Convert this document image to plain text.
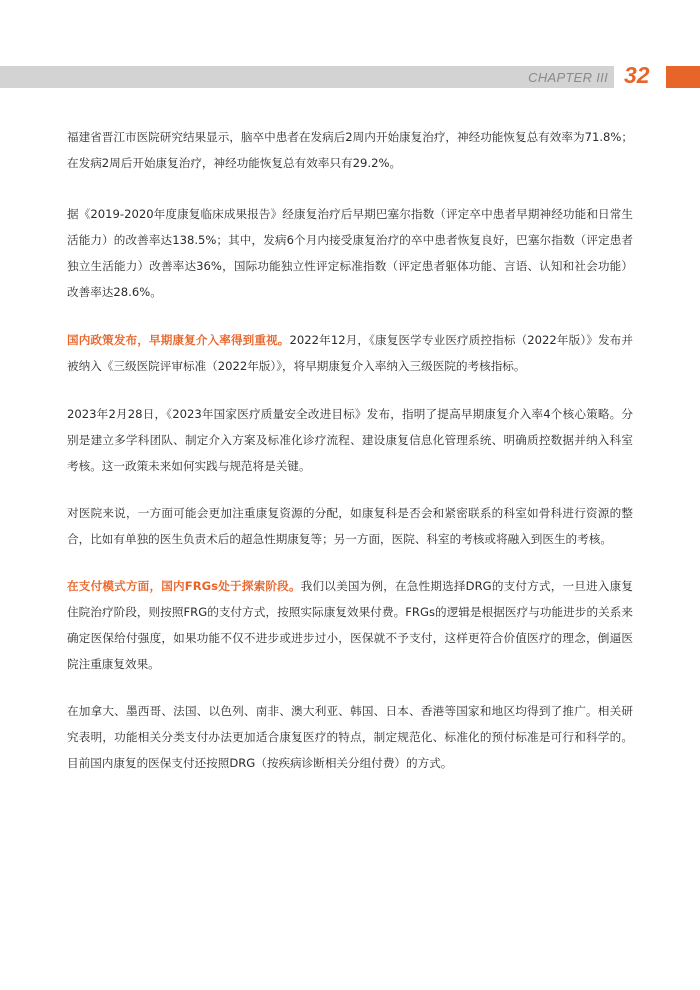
CHAPTER III 32

福建省晋江市医院研究结果显示，脑卒中患者在发病后2周内开始康复治疗，神经功能恢复总有效率为71.8%；在发病2周后开始康复治疗，神经功能恢复总有效率只有29.2%。

据《2019-2020年度康复临床成果报告》经康复治疗后早期巴塞尔指数（评定卒中患者早期神经功能和日常生活能力）的改善率达138.5%；其中，发病6个月内接受康复治疗的卒中患者恢复良好，巴塞尔指数（评定患者独立生活能力）改善率达36%，国际功能独立性评定标准指数（评定患者躯体功能、言语、认知和社会功能）改善率达28.6%。

国内政策发布，早期康复介入率得到重视。2022年12月，《康复医学专业医疗质控指标（2022年版）》发布并被纳入《三级医院评审标准（2022年版）》，将早期康复介入率纳入三级医院的考核指标。

2023年2月28日，《2023年国家医疗质量安全改进目标》发布，指明了提高早期康复介入率4个核心策略。分别是建立多学科团队、制定介入方案及标准化诊疗流程、建设康复信息化管理系统、明确质控数据并纳入科室考核。这一政策未来如何实践与规范将是关键。

对医院来说，一方面可能会更加注重康复资源的分配，如康复科是否会和紧密联系的科室如骨科进行资源的整合，比如有单独的医生负责术后的超急性期康复等；另一方面，医院、科室的考核或将融入到医生的考核。

在支付模式方面，国内FRGs处于探索阶段。我们以美国为例，在急性期选择DRG的支付方式，一旦进入康复住院治疗阶段，则按照FRG的支付方式，按照实际康复效果付费。FRGs的逻辑是根据医疗与功能进步的关系来确定医保给付强度，如果功能不仅不进步或进步过小，医保就不予支付，这样更符合价值医疗的理念，倒逼医院注重康复效果。

在加拿大、墨西哥、法国、以色列、南非、澳大利亚、韩国、日本、香港等国家和地区均得到了推广。相关研究表明，功能相关分类支付办法更加适合康复医疗的特点，制定规范化、标准化的预付标准是可行和科学的。目前国内康复的医保支付还按照DRG（按疾病诊断相关分组付费）的方式。
